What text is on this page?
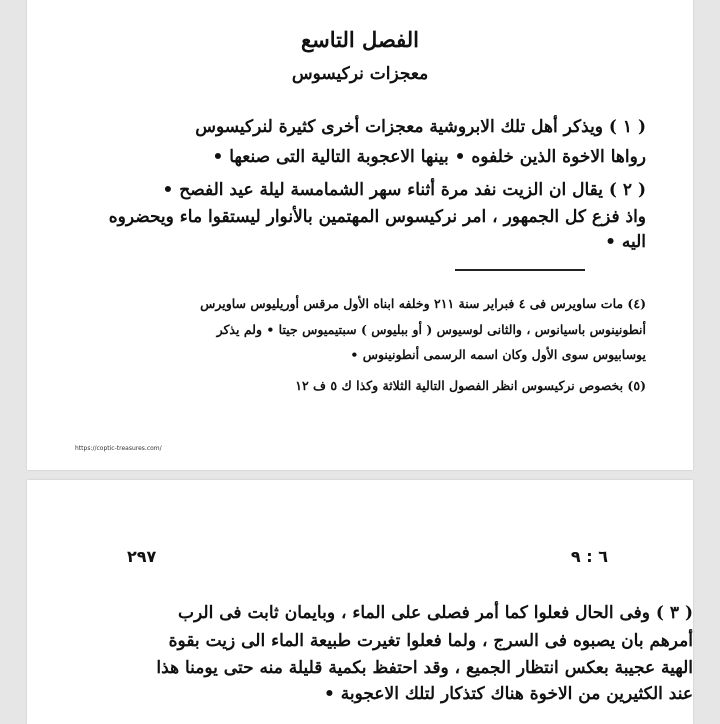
الفصل التاسع
معجزات نركيسوس
( ١ ) ويذكر أهل تلك الابروشية معجزات أخرى كثيرة لنركيسوس
رواها الاخوة الذين خلفوه • بينها الاعجوبة التالية التى صنعها •
( ٢ ) يقال ان الزيت نفد مرة أثناء سهر الشمامسة ليلة عيد الفصح •
واذ فزع كل الجمهور ، امر نركيسوس المهتمين بالأنوار ليستقوا ماء ويحضروه
اليه •
(٤) مات ساويرس فى ٤ فبراير سنة ٢١١ وخلفه ابناه الأول مرقس أوريليوس ساويرس
أنطونينوس باسيانوس ، والثانى لوسيوس ( أو ببليوس ) سبتيميوس جيتا • ولم يذكر
يوسابيوس سوى الأول وكان اسمه الرسمى أنطونينوس •
(٥) بخصوص نركيسوس انظر الفصول التالية الثلاثة وكذا ك ٥ ف ١٢
https://coptic-treasures.com/
٢٩٧	٦ : ٩
( ٣ ) وفى الحال فعلوا كما أمر فصلى على الماء ، وبايمان ثابت فى الرب
أمرهم بان يصبوه فى السرج ، ولما فعلوا تغيرت طبيعة الماء الى زيت بقوة
الهية عجيبة بعكس انتظار الجميع ، وقد احتفظ بكمية قليلة منه حتى يومنا هذا
عند الكثيرين من الاخوة هناك كتذكار لتلك الاعجوبة •
